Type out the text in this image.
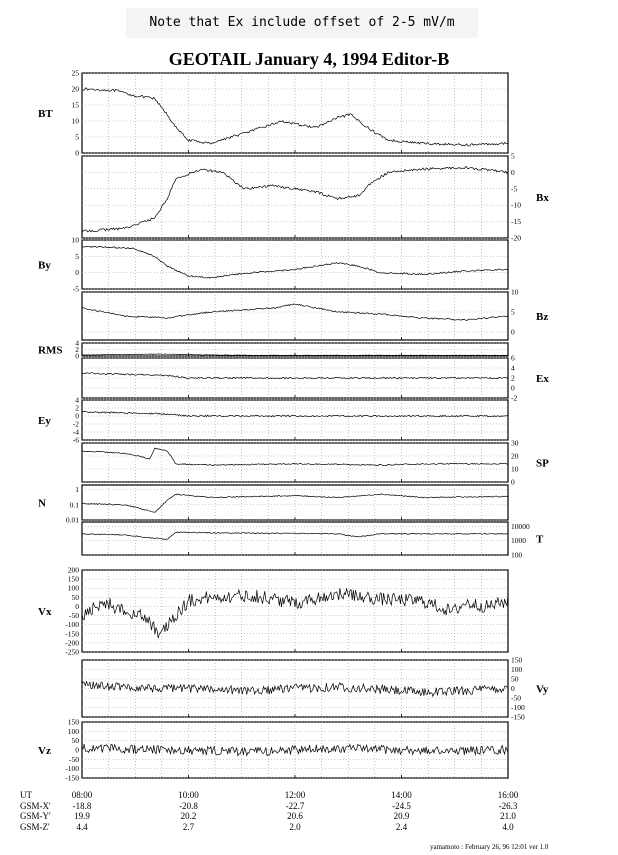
Note that Ex include offset of 2-5 mV/m
GEOTAIL January 4, 1994 Editor-B
25
20
15
10
5
0
BT
5
0
-5
-10
-15
-20
Bx
10
5
0
-5
By
10
5
0
Bz
4
2
0
RMS
6
4
2
0
-2
Ex
4
2
0
-2
-4
-6
Ey
30
20
10
0
SP
1
0.1
0.01
N
10000
1000
100
T
200
150
100
50
0
-50
-100
-150
-200
-250
Vx
150
100
50
0
-50
-100
-150
Vy
150
100
50
0
-50
-100
-150
Vz
UT	08:00	10:00	12:00	14:00	16:00
GSM-X' -18.8	-20.8	-22.7	-24.5	-26.3
GSM-Y'	19.9	20.2	20.6	20.9	21.0
GSM-Z'	4.4	2.7	2.0	2.4	4.0
yamamoto : February 26, 96 12:01 ver 1.0
